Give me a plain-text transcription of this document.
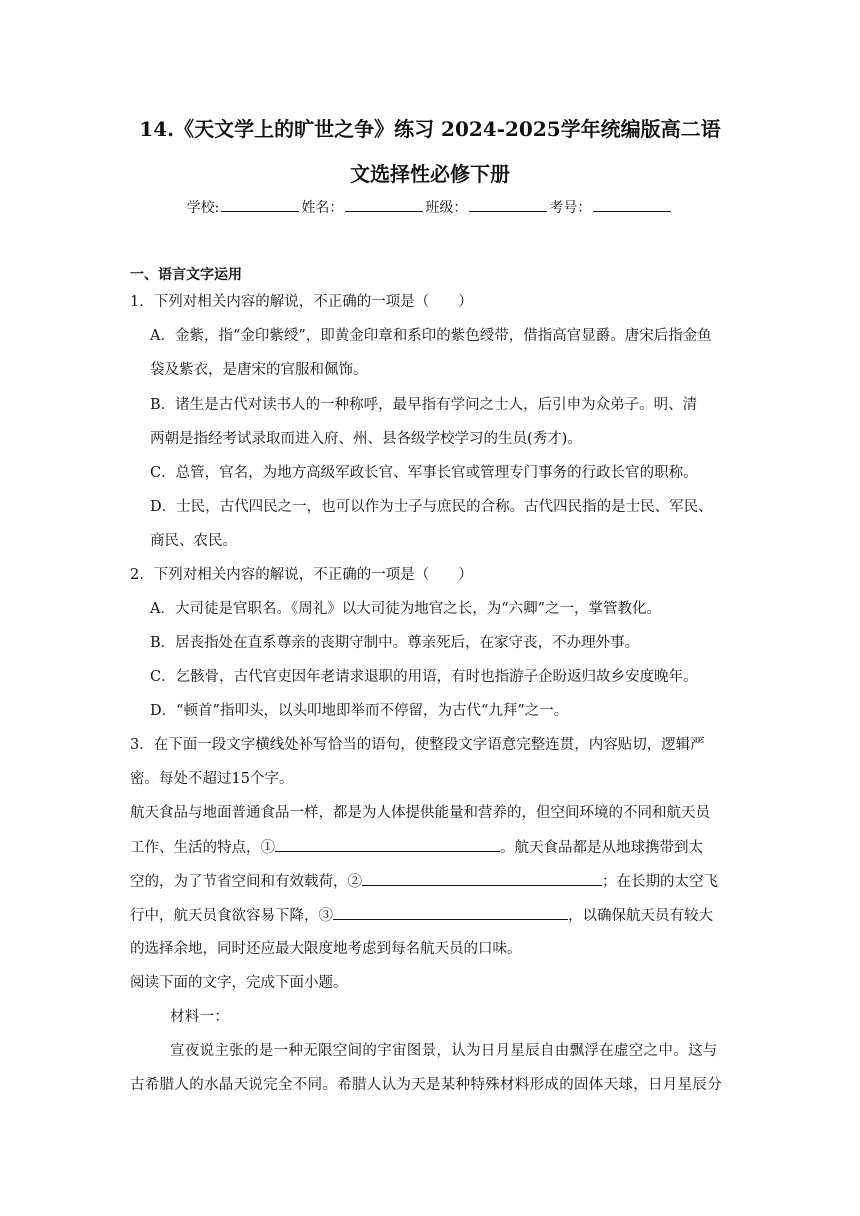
14.《天文学上的旷世之争》练习 2024-2025学年统编版高二语
文选择性必修下册
学校:	姓名：	班级：	考号：
一、语言文字运用
1．下列对相关内容的解说，不正确的一项是（　　）
A．金紫，指“金印紫绶”，即黄金印章和系印的紫色绶带，借指高官显爵。唐宋后指金鱼
袋及紫衣，是唐宋的官服和佩饰。
B．诸生是古代对读书人的一种称呼，最早指有学问之士人，后引申为众弟子。明、清
两朝是指经考试录取而进入府、州、县各级学校学习的生员(秀才)。
C．总管，官名，为地方高级军政长官、军事长官或管理专门事务的行政长官的职称。
D．士民，古代四民之一，也可以作为士子与庶民的合称。古代四民指的是士民、军民、
商民、农民。
2．下列对相关内容的解说，不正确的一项是（　　）
A．大司徒是官职名。《周礼》以大司徒为地官之长，为“六卿”之一，掌管教化。
B．居丧指处在直系尊亲的丧期守制中。尊亲死后，在家守丧，不办理外事。
C．乞骸骨，古代官吏因年老请求退职的用语，有时也指游子企盼返归故乡安度晚年。
D．“顿首”指叩头，以头叩地即举而不停留，为古代“九拜”之一。
3．在下面一段文字横线处补写恰当的语句，使整段文字语意完整连贯，内容贴切，逻辑严
密。每处不超过15个字。
航天食品与地面普通食品一样，都是为人体提供能量和营养的，但空间环境的不同和航天员
工作、生活的特点，①	。航天食品都是从地球携带到太
空的，为了节省空间和有效载荷，②	；在长期的太空飞
行中，航天员食欲容易下降，③	，以确保航天员有较大
的选择余地，同时还应最大限度地考虑到每名航天员的口味。
阅读下面的文字，完成下面小题。
材料一：
宣夜说主张的是一种无限空间的宇宙图景，认为日月星辰自由飘浮在虚空之中。这与
古希腊人的水晶天说完全不同。希腊人认为天是某种特殊材料形成的固体天球，日月星辰分
